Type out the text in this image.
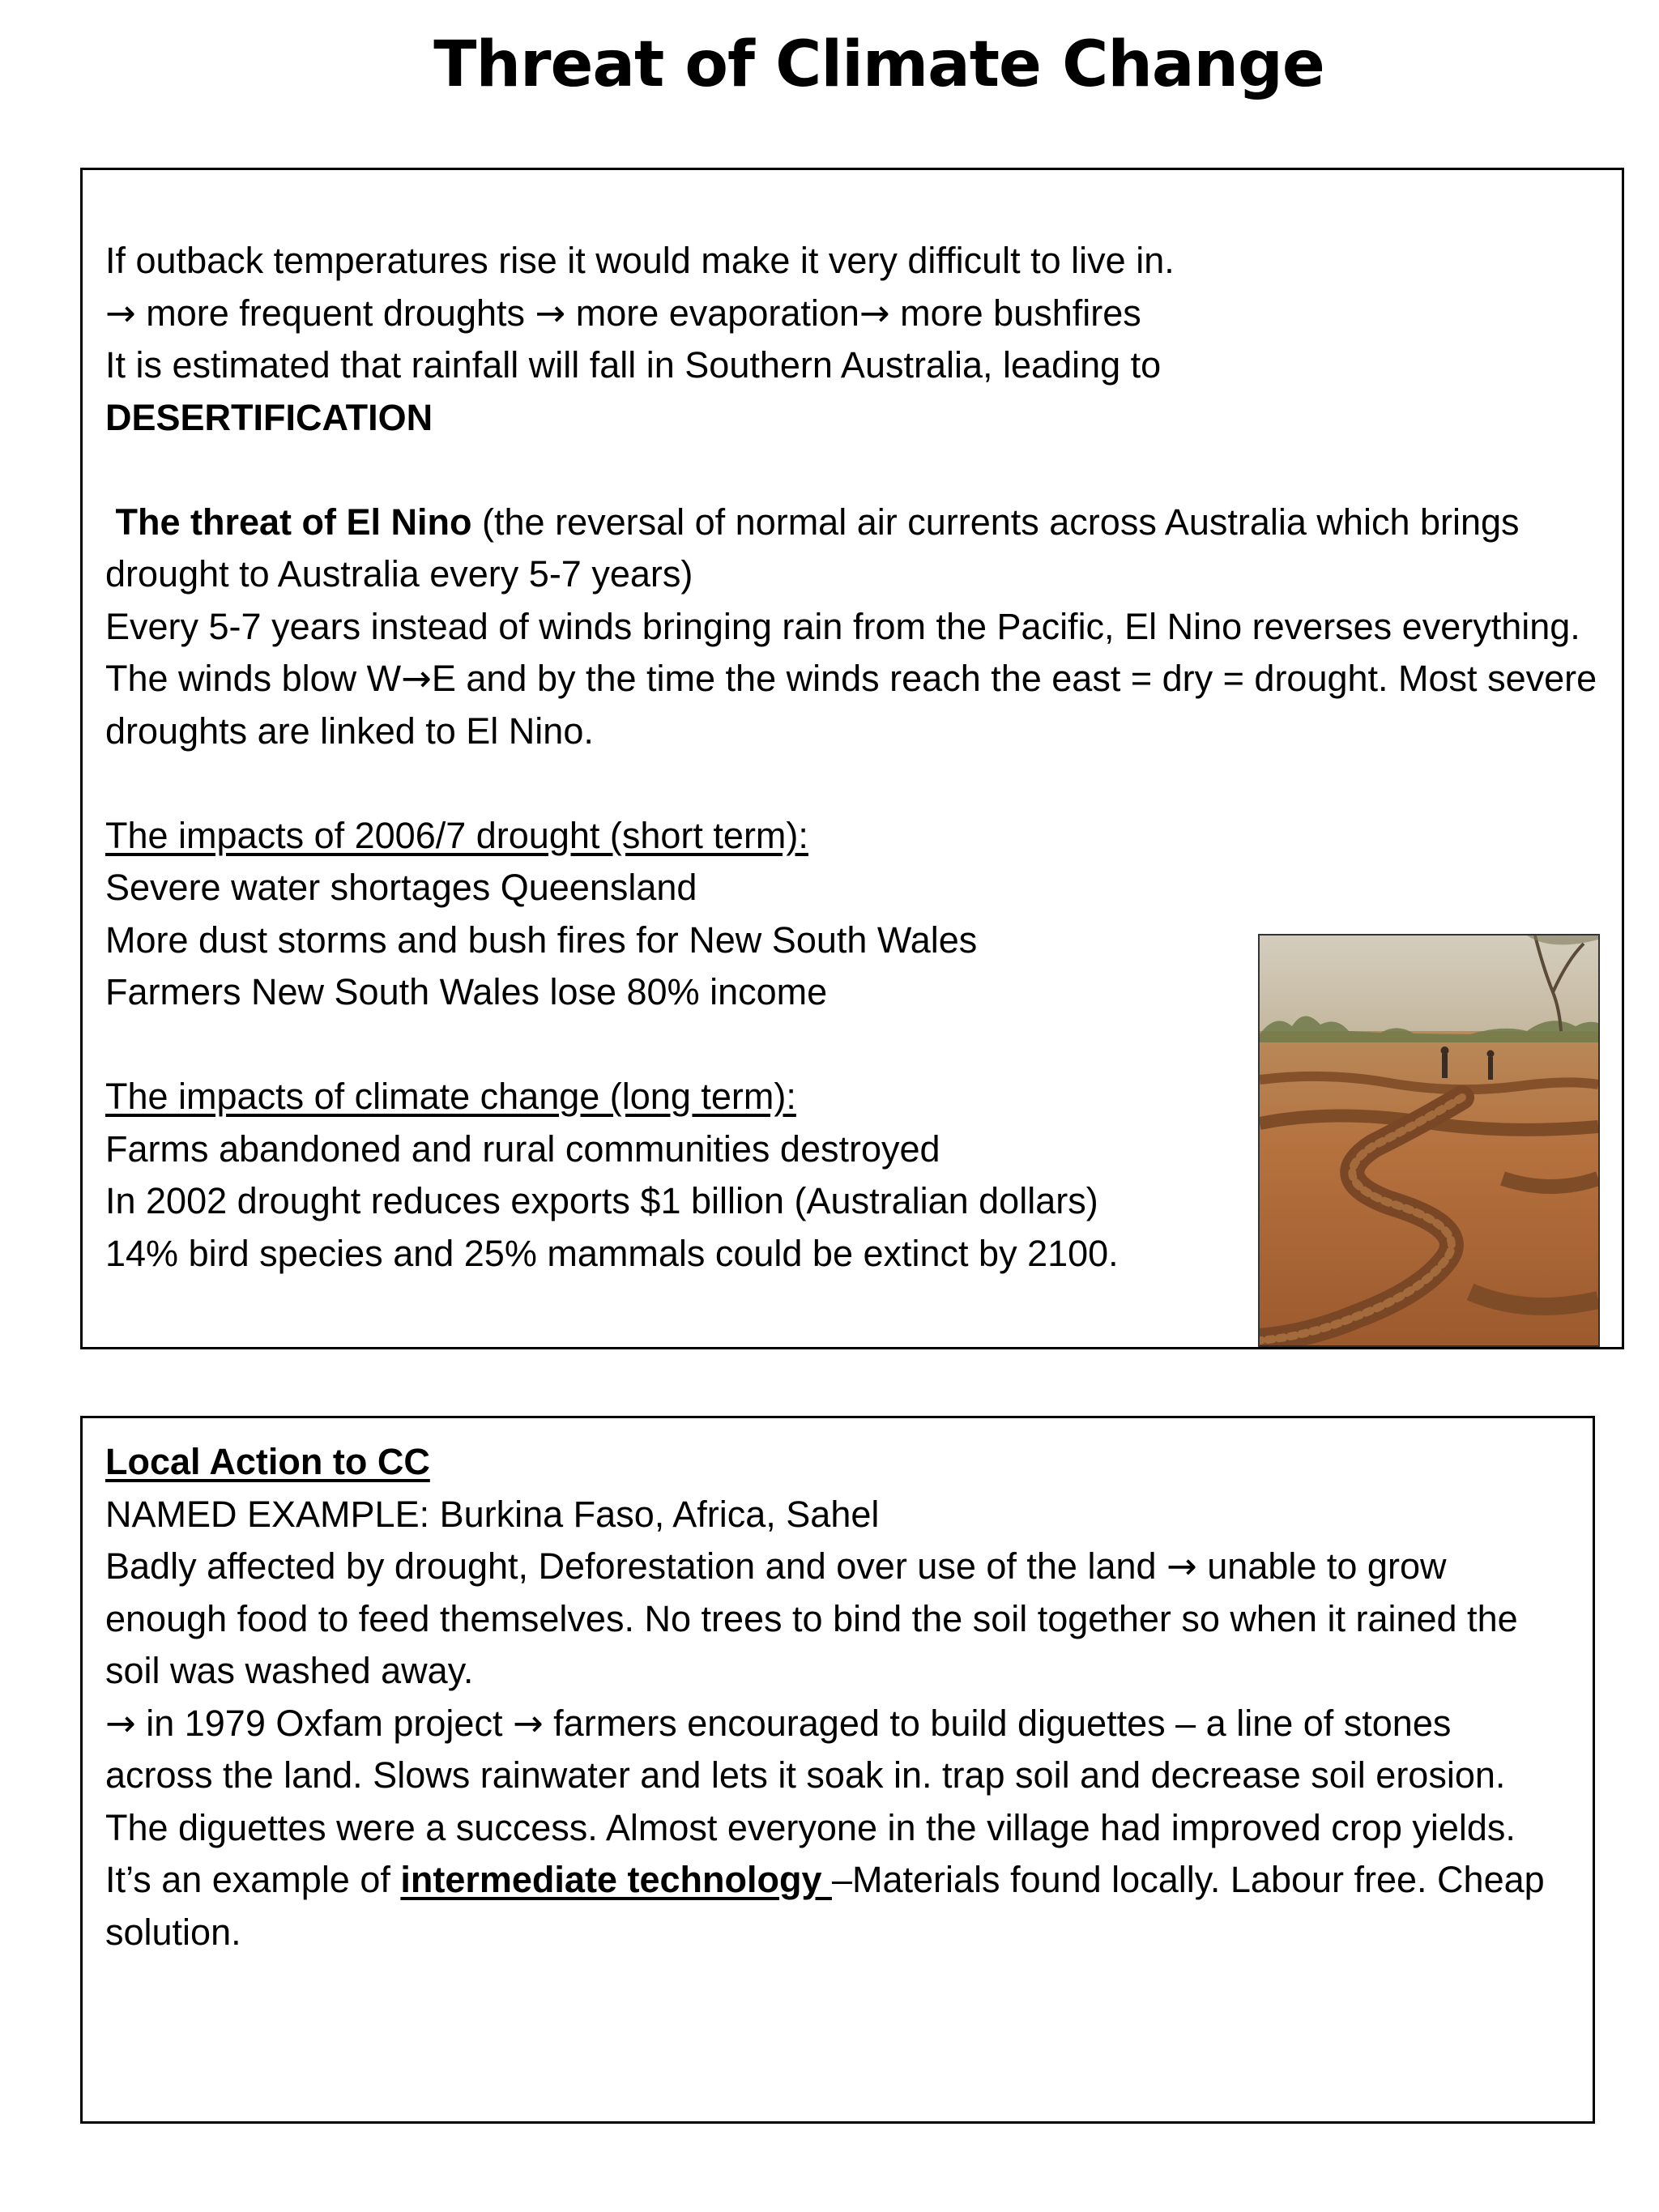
Threat of Climate Change
If outback temperatures rise it would make it very difficult to live in.
→ more frequent droughts → more evaporation→ more bushfires
It is estimated that rainfall will fall in Southern Australia, leading to
DESERTIFICATION
The threat of El Nino (the reversal of normal air currents across Australia which brings drought to Australia every 5-7 years)
Every 5-7 years instead of winds bringing rain from the Pacific, El Nino reverses everything. The winds blow W→E and by the time the winds reach the east = dry = drought. Most severe droughts are linked to El Nino.
The impacts of 2006/7 drought (short term):
Severe water shortages Queensland
More dust storms and bush fires for New South Wales
Farmers New South Wales lose 80% income
The impacts of climate change (long term):
Farms abandoned and rural communities destroyed
In 2002 drought reduces exports $1 billion (Australian dollars)
14% bird species and 25% mammals could be extinct by 2100.
Local Action to CC
NAMED EXAMPLE: Burkina Faso, Africa, Sahel
Badly affected by drought, Deforestation and over use of the land → unable to grow enough food to feed themselves. No trees to bind the soil together so when it rained the soil was washed away.
→ in 1979 Oxfam project → farmers encouraged to build diguettes – a line of stones across the land. Slows rainwater and lets it soak in. trap soil and decrease soil erosion.
The diguettes were a success. Almost everyone in the village had improved crop yields.
It’s an example of intermediate technology –Materials found locally. Labour free. Cheap solution.
